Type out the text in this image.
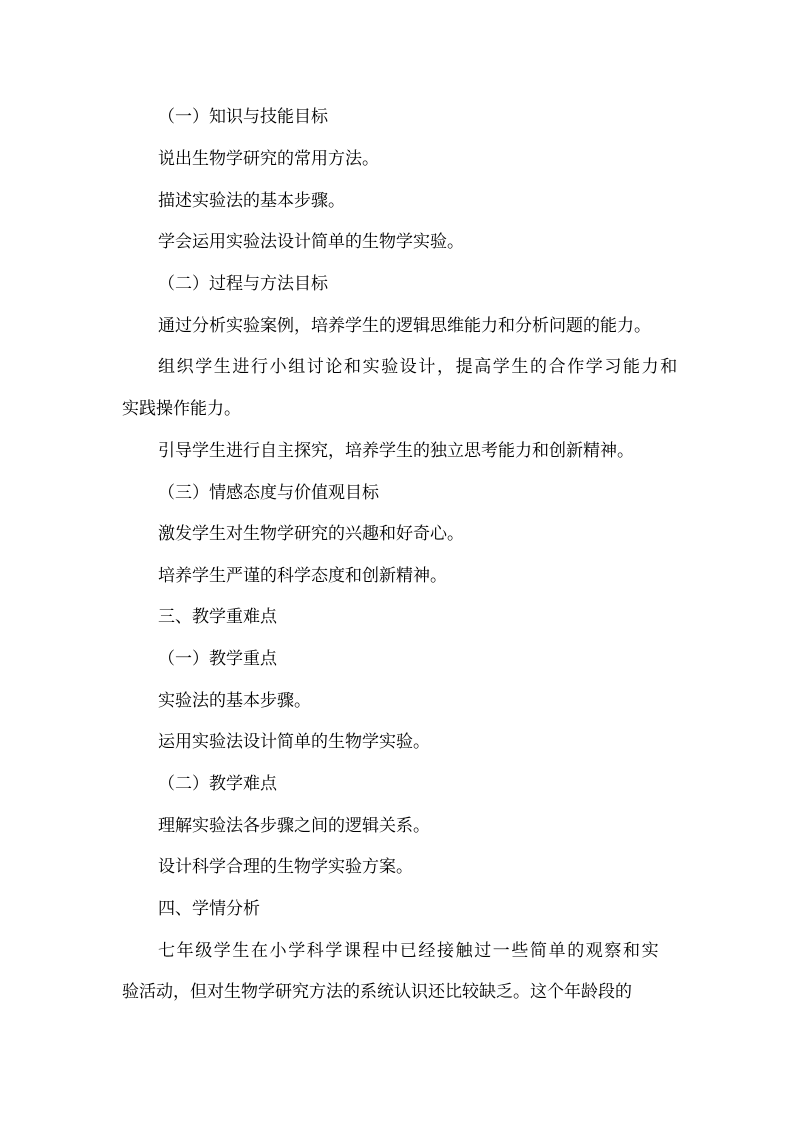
（一）知识与技能目标
说出生物学研究的常用方法。
描述实验法的基本步骤。
学会运用实验法设计简单的生物学实验。
（二）过程与方法目标
通过分析实验案例，培养学生的逻辑思维能力和分析问题的能力。
组织学生进行小组讨论和实验设计，提高学生的合作学习能力和
实践操作能力。
引导学生进行自主探究，培养学生的独立思考能力和创新精神。
（三）情感态度与价值观目标
激发学生对生物学研究的兴趣和好奇心。
培养学生严谨的科学态度和创新精神。
三、教学重难点
（一）教学重点
实验法的基本步骤。
运用实验法设计简单的生物学实验。
（二）教学难点
理解实验法各步骤之间的逻辑关系。
设计科学合理的生物学实验方案。
四、学情分析
七年级学生在小学科学课程中已经接触过一些简单的观察和实
验活动，但对生物学研究方法的系统认识还比较缺乏。这个年龄段的
